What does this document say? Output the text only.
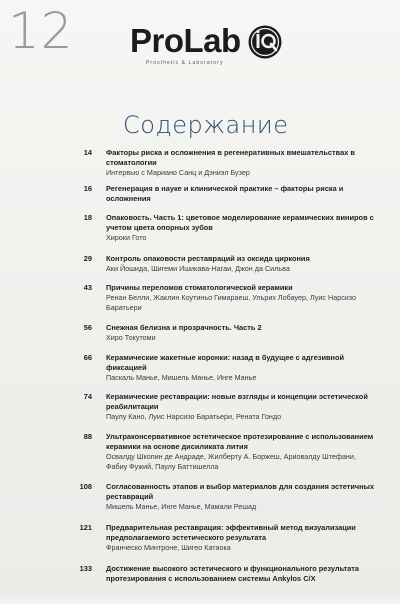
12 ProLab
Prosthetic & Laboratory
Содержание
14 Факторы риска и осложнения в регенеративных вмешательствах в стоматологии
Интервью с Мариано Санц и Дэниэл Бузер
16 Регенерация в науке и клинической практике – факторы риска и осложнения
18 Опаковость. Часть 1: цветовое моделирование керамических виниров с учетом цвета опорных зубов
Хироки Гото
29 Контроль опаковости реставраций из оксида циркония
Аки Йошида, Шигеми Ишикава-Нагаи, Джон да Сильва
43 Причины переломов стоматологической керамики
Ренан Белли, Жаклин Коутиньо Гимараеш, Ульрих Лобауер, Луис Нарсизо Баратьери
56 Снежная белизна и прозрачность. Часть 2
Хиро Токутоми
66 Керамические жакетные коронки: назад в будущее с адгезивной фиксацией
Паскаль Манье, Мишель Манье, Инге Манье
74 Керамические реставрации: новые взгляды и концепции эстетической реабилитации
Паулу Кано, Луис Нарсизо Баратьери, Рената Гондо
88 Ультраконсервативное эстетическое протезирование с использованием керамики на основе дисиликата лития
Освалду Шкопин де Андраде, Жилберту А. Боржеш, Ариовалду Штефани, Фабиу Фужий, Паулу Баттишелла
108 Согласованность этапов и выбор материалов для создания эстетичных реставраций
Мишель Манье, Инге Манье, Мамали Решад
121 Предварительная реставрация: эффективный метод визуализации предполагаемого эстетического результата
Франческо Минтроне, Шигео Катаока
133 Достижение высокого эстетического и функционального результата протезирования с использованием системы Ankylos C/X
